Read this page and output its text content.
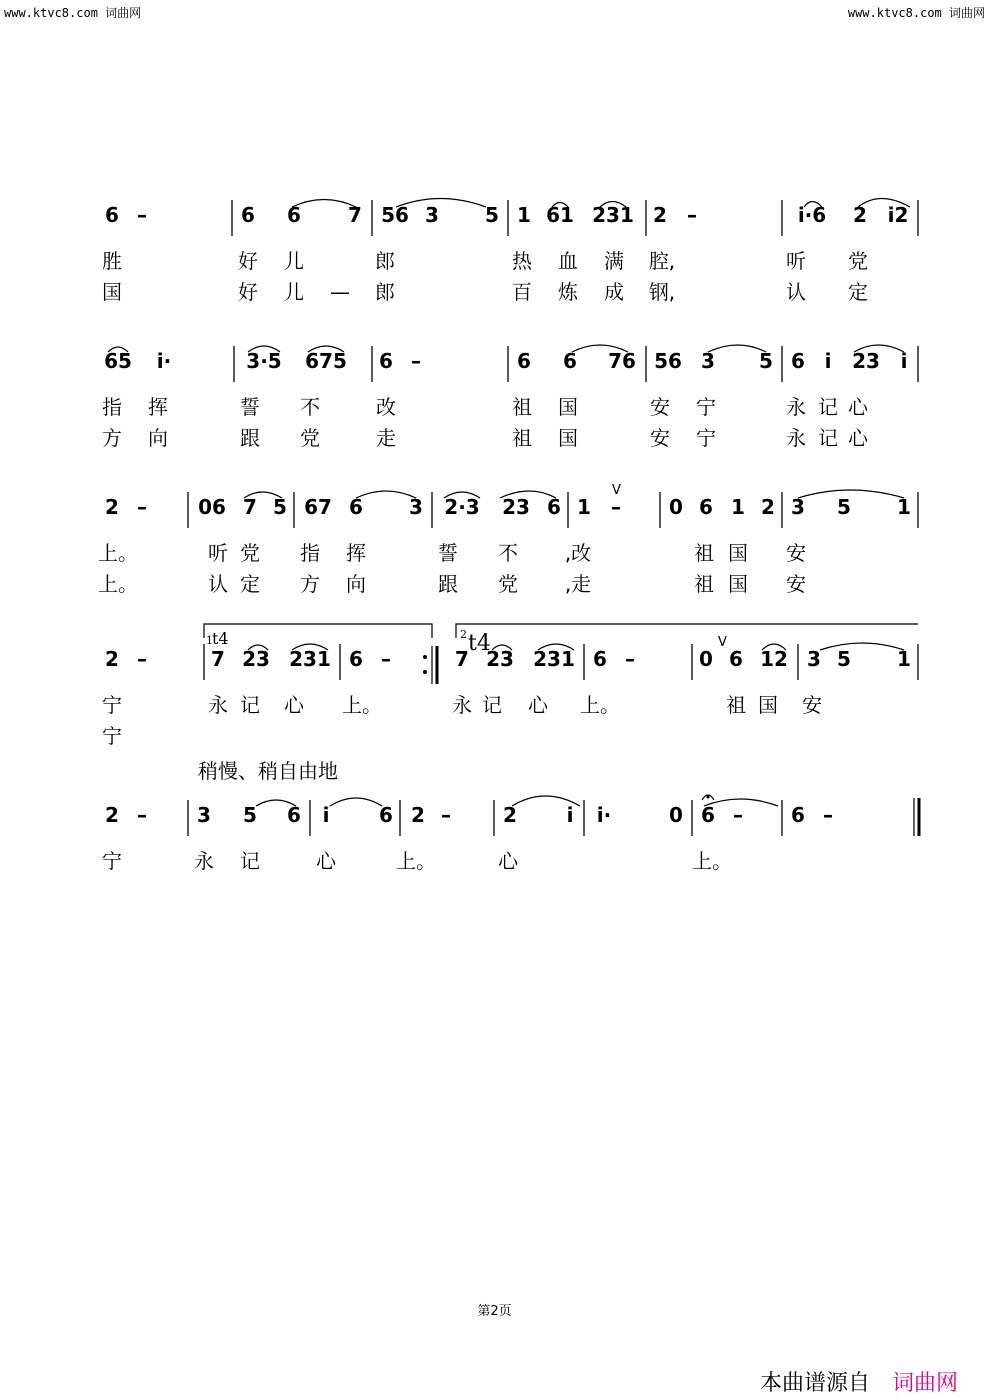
www.ktvc8.com 词曲网	www.ktvc8.com 词曲网
6 –	6 6 7 56 3 5 1 61 231 2 –	i·6 2 i2
胜	好 儿	郎	热 血 满 腔,	听 党
国	好 儿 — 郎	百 炼 成 钢,	认 定
65 i·	3·5 675 6 –	6 6 76 56 3 5 6 i 23 i
指 挥	誓 不	改	祖 国	安 宁	永 记 心
方 向	跟 党	走	祖 国	安 宁	永 记 心
2 –	06 7 5 67 6 3 2·3 23 6 1 – 0 6 1 2 3 5 1
上。	听 党 指 挥	誓 不 ,改	祖 国 安
上。	认 定 方 向	跟 党 ,走	祖 国 安
2 –	7 23 231 6 –	7 23 231 6 –	0 6 12 3 5 1
宁	永 记 心 上。	永 记 心 上。	祖 国 安
宁
2 –	3 5 6 i 6 2 –	2 i i·	0 6 – 6 –
宁	永 记	心	上。	心	上。
1 t4	2 t4
V
V
稍慢、稍自由地
第2页
本曲谱源自 词曲网
